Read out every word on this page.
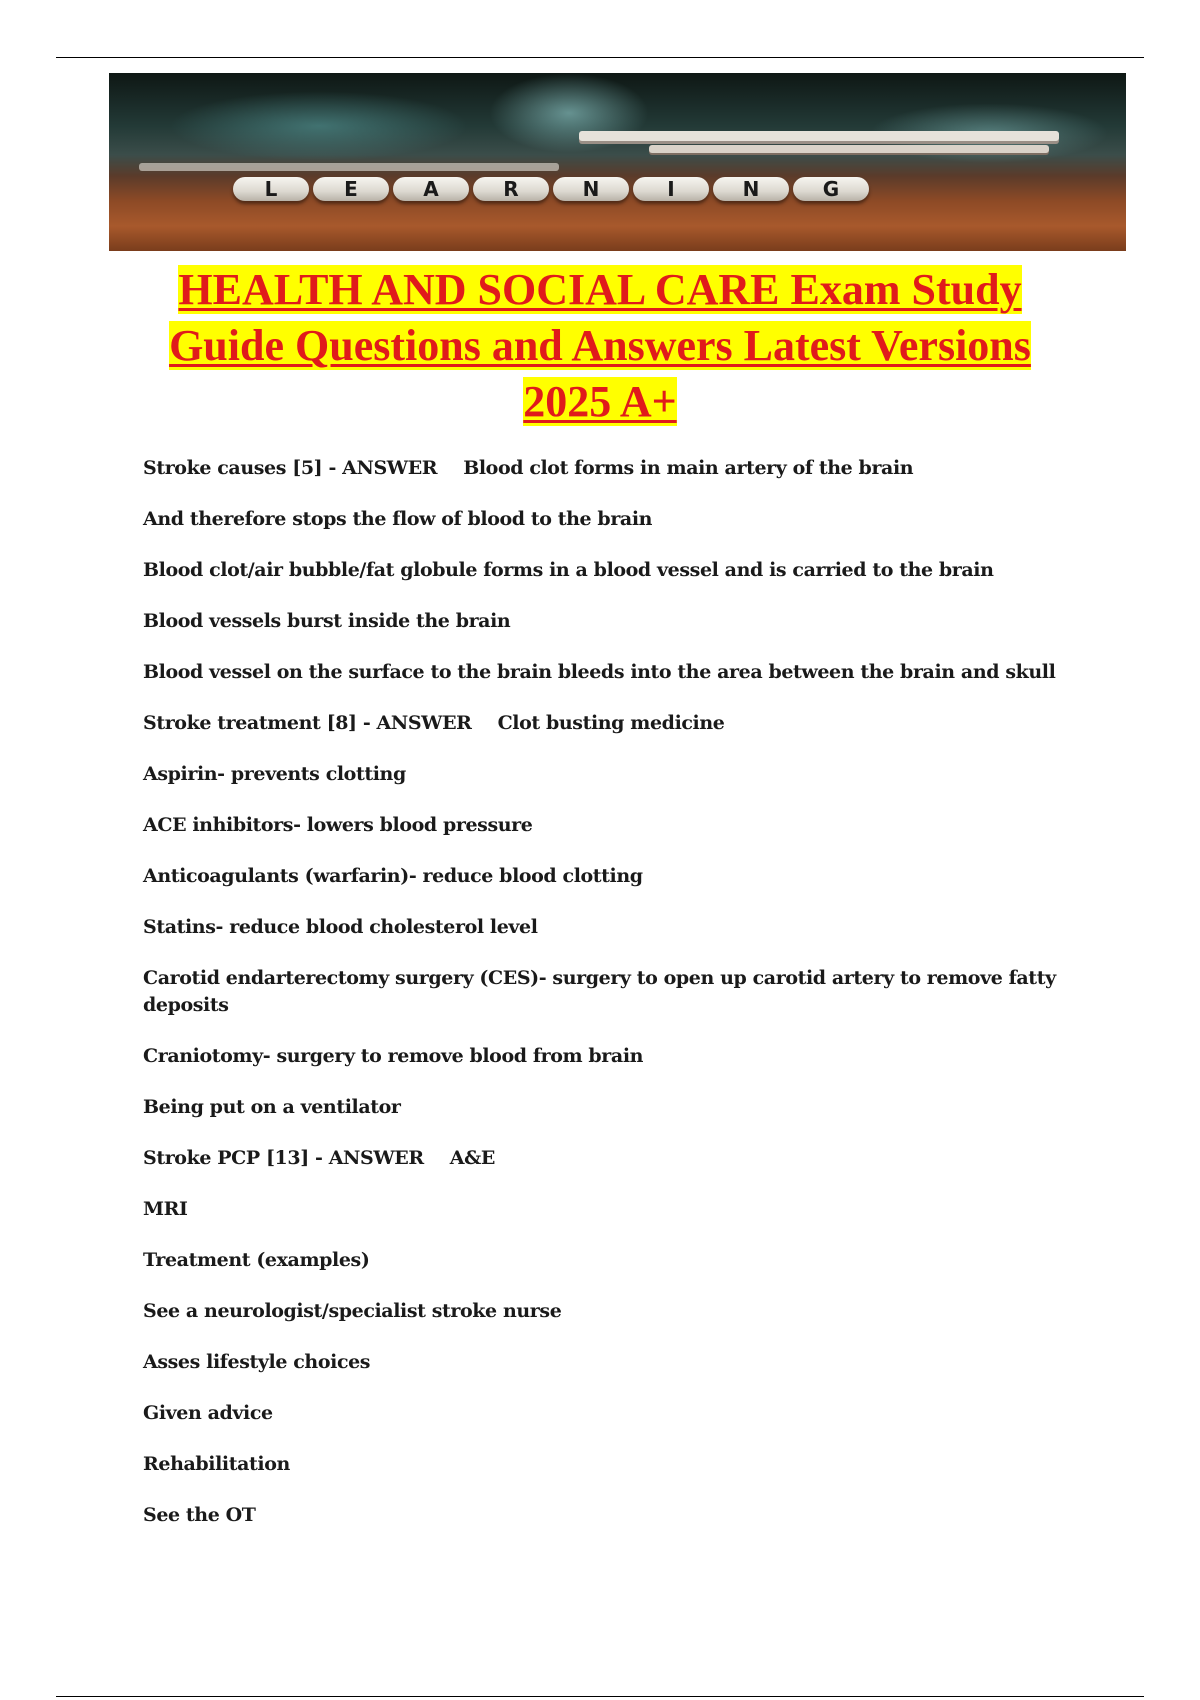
L	E	A	R	N	I	N	G
HEALTH AND SOCIAL CARE Exam Study
Guide Questions and Answers Latest Versions
2025 A+
Stroke causes [5] - ANSWER Blood clot forms in main artery of the brain
And therefore stops the flow of blood to the brain
Blood clot/air bubble/fat globule forms in a blood vessel and is carried to the brain
Blood vessels burst inside the brain
Blood vessel on the surface to the brain bleeds into the area between the brain and skull
Stroke treatment [8] - ANSWER Clot busting medicine
Aspirin- prevents clotting
ACE inhibitors- lowers blood pressure
Anticoagulants (warfarin)- reduce blood clotting
Statins- reduce blood cholesterol level
Carotid endarterectomy surgery (CES)- surgery to open up carotid artery to remove fatty deposits
Craniotomy- surgery to remove blood from brain
Being put on a ventilator
Stroke PCP [13] - ANSWER A&E
MRI
Treatment (examples)
See a neurologist/specialist stroke nurse
Asses lifestyle choices
Given advice
Rehabilitation
See the OT
